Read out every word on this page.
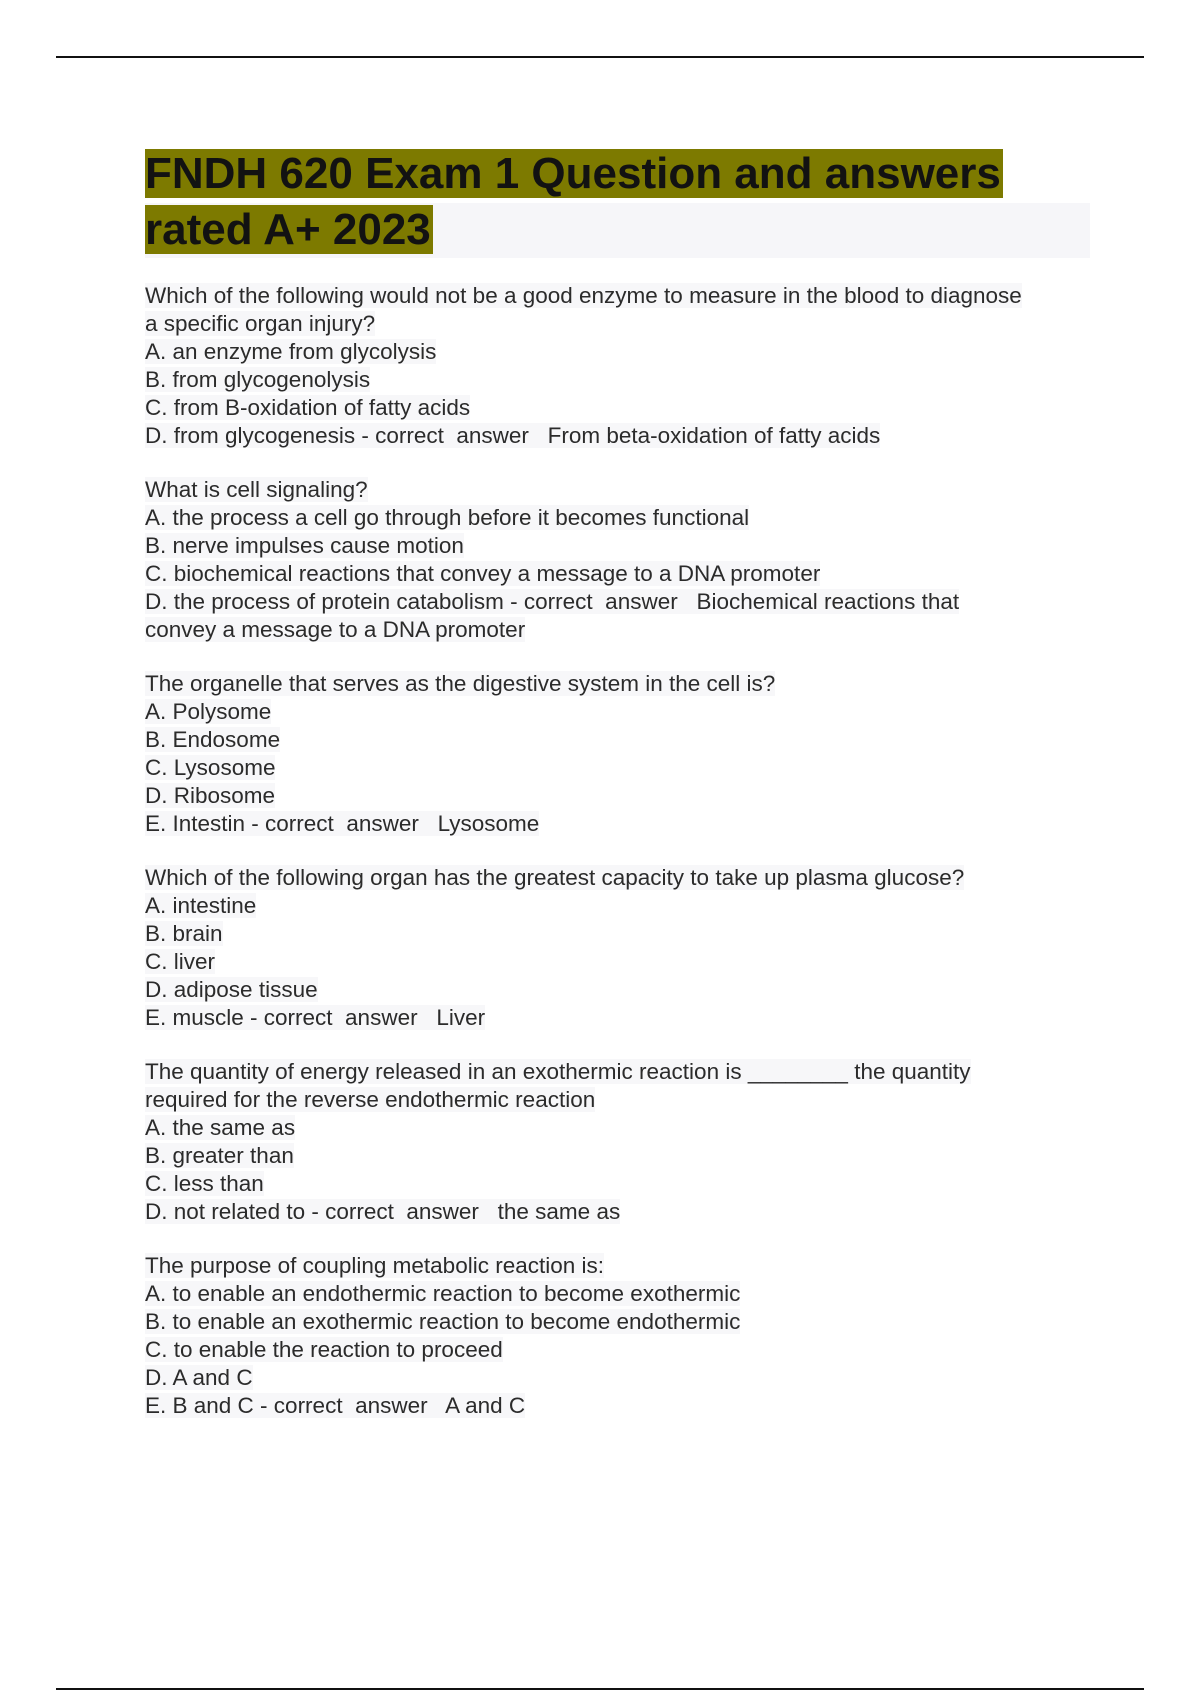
FNDH 620 Exam 1 Question and answers
rated A+ 2023
Which of the following would not be a good enzyme to measure in the blood to diagnose
a specific organ injury?
A. an enzyme from glycolysis
B. from glycogenolysis
C. from B-oxidation of fatty acids
D. from glycogenesis - correct  answer   From beta-oxidation of fatty acids
What is cell signaling?
A. the process a cell go through before it becomes functional
B. nerve impulses cause motion
C. biochemical reactions that convey a message to a DNA promoter
D. the process of protein catabolism - correct  answer   Biochemical reactions that
convey a message to a DNA promoter
The organelle that serves as the digestive system in the cell is?
A. Polysome
B. Endosome
C. Lysosome
D. Ribosome
E. Intestin - correct  answer   Lysosome
Which of the following organ has the greatest capacity to take up plasma glucose?
A. intestine
B. brain
C. liver
D. adipose tissue
E. muscle - correct  answer   Liver
The quantity of energy released in an exothermic reaction is ________ the quantity
required for the reverse endothermic reaction
A. the same as
B. greater than
C. less than
D. not related to - correct  answer   the same as
The purpose of coupling metabolic reaction is:
A. to enable an endothermic reaction to become exothermic
B. to enable an exothermic reaction to become endothermic
C. to enable the reaction to proceed
D. A and C
E. B and C - correct  answer   A and C
